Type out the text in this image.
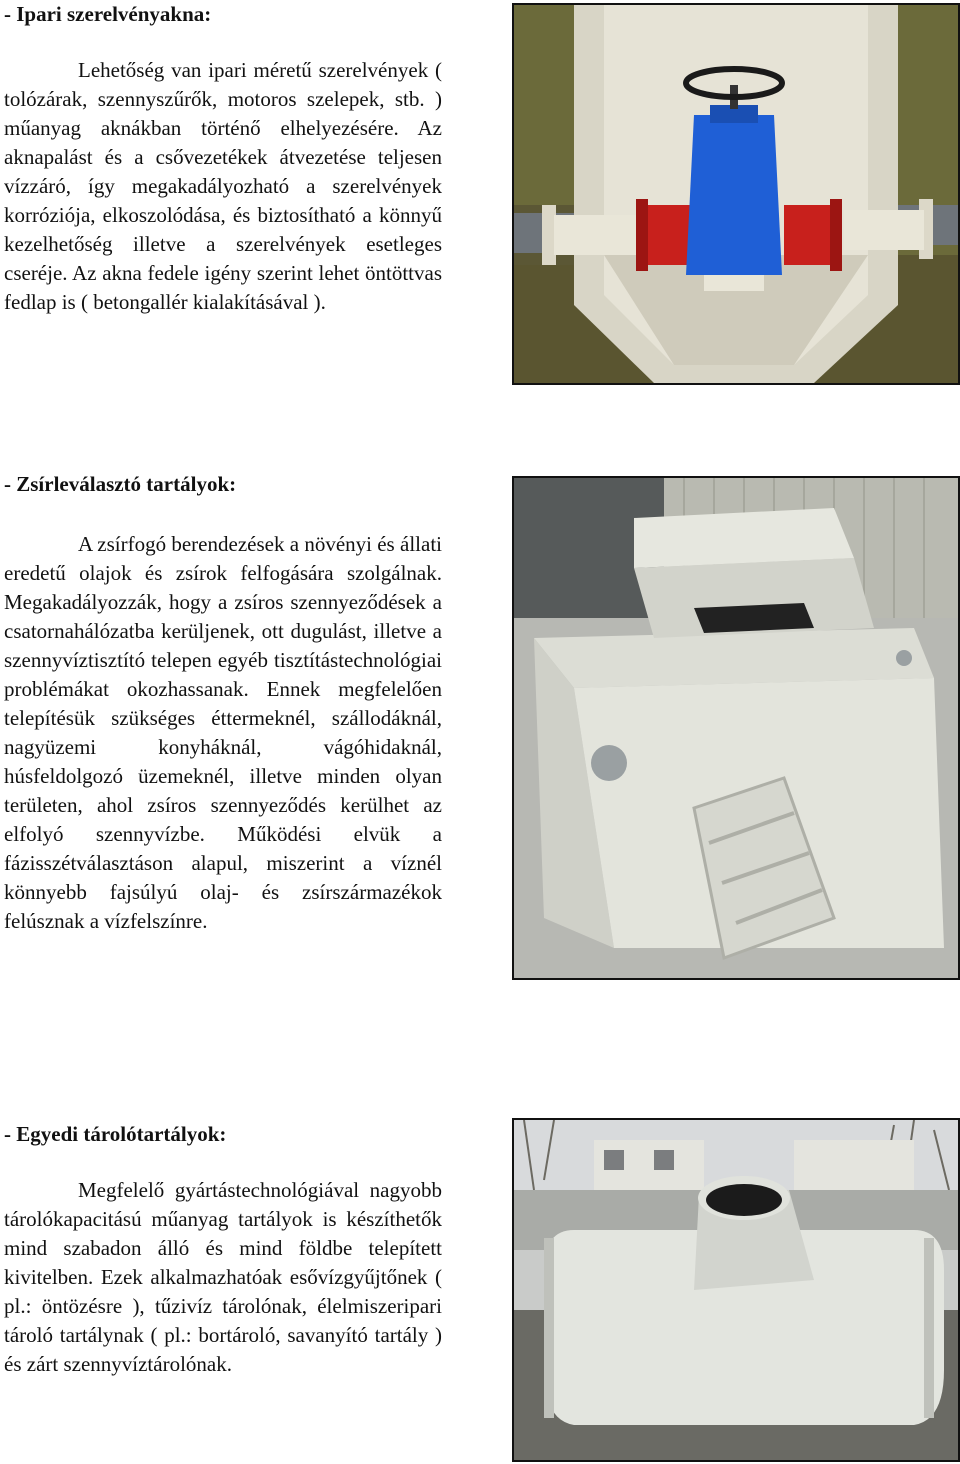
- Ipari szerelvényakna:
Lehetőség van ipari méretű szerelvények ( tolózárak, szennyszűrők, motoros szelepek, stb. ) műanyag aknákban történő elhelyezésére. Az aknapalást és a csővezetékek átvezetése teljesen vízzáró, így megakadályozható a szerelvények korróziója, elkoszolódása, és biztosítható a könnyű kezelhetőség illetve a szerelvények esetleges cseréje. Az akna fedele igény szerint lehet öntöttvas fedlap is ( betongallér kialakításával ).
- Zsírleválasztó tartályok:
A zsírfogó berendezések a növényi és állati eredetű olajok és zsírok felfogására szolgálnak. Megakadályozzák, hogy a zsíros szennyeződések a csatornahálózatba kerüljenek, ott dugulást, illetve a szennyvíztisztító telepen egyéb tisztítástechnológiai problémákat okozhassanak. Ennek megfelelően telepítésük szükséges éttermeknél, szállodáknál, nagyüzemi konyháknál, vágóhidaknál, húsfeldolgozó üzemeknél, illetve minden olyan területen, ahol zsíros szennyeződés kerülhet az elfolyó szennyvízbe. Működési elvük a fázisszétválasztáson alapul, miszerint a víznél könnyebb fajsúlyú olaj- és zsírszármazékok felúsznak a vízfelszínre.
- Egyedi tárolótartályok:
Megfelelő gyártástechnológiával nagyobb tárolókapacitású műanyag tartályok is készíthetők mind szabadon álló és mind földbe telepített kivitelben. Ezek alkalmazhatóak esővízgyűjtőnek ( pl.: öntözésre ), tűzivíz tárolónak, élelmiszeripari tároló tartálynak ( pl.: bortároló, savanyító tartály ) és zárt szennyvíztárolónak.
